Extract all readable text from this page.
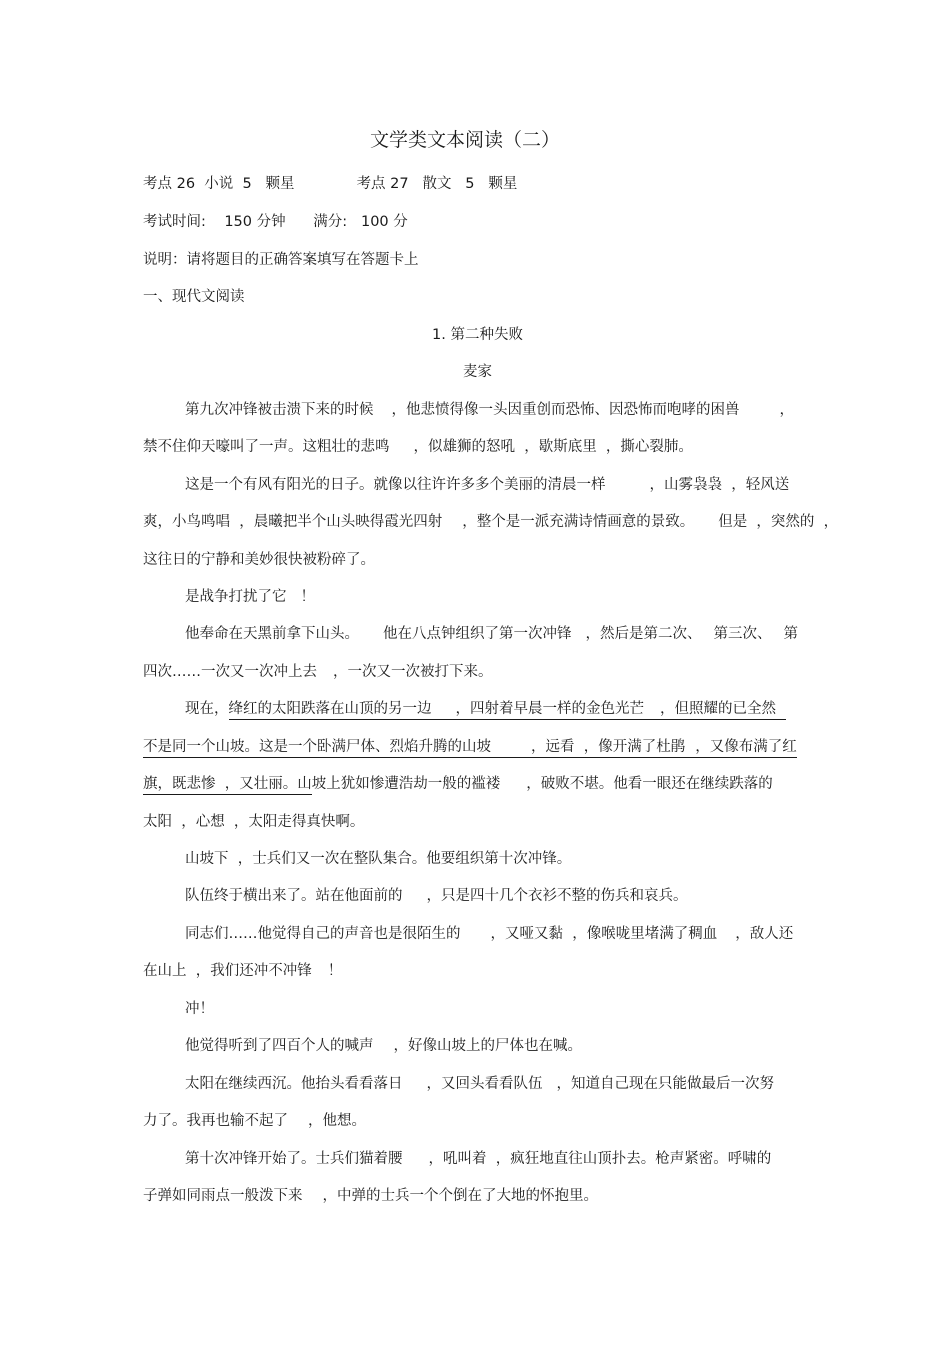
文学类文本阅读（二）
考点 26  小说  5   颗星	考点 27   散文   5   颗星
考试时间:    150 分钟      满分:   100 分
说明：请将题目的正确答案填写在答题卡上
一、现代文阅读
1. 第二种失败
麦家
第九次冲锋被击溃下来的时候 ，他悲愤得像一头因重创而恐怖、因恐怖而咆哮的困兽	，
禁不住仰天嚎叫了一声。这粗壮的悲鸣 ，似雄狮的怒吼  ，歇斯底里  ，撕心裂肺。
这是一个有风有阳光的日子。就像以往许许多多个美丽的清晨一样	，山雾袅袅  ，轻风送
爽，小鸟鸣唱  ，晨曦把半个山头映得霞光四射 ，整个是一派充满诗情画意的景致。 但是  ，突然的  ，
这往日的宁静和美妙很快被粉碎了。
是战争打扰了它 ！
他奉命在天黑前拿下山头。 他在八点钟组织了第一次冲锋 ，然后是第二次、 第三次、 第
四次……一次又一次冲上去 ，一次又一次被打下来。
现在，绛红的太阳跌落在山顶的另一边 ，四射着早晨一样的金色光芒 ，但照耀的已全然
不是同一个山坡。这是一个卧满尸体、烈焰升腾的山坡	，远看  ，像开满了杜鹃 ，又像布满了红
旗，既悲惨  ，又壮丽。山坡上犹如惨遭浩劫一般的褴褛 ，破败不堪。他看一眼还在继续跌落的
太阳  ，心想  ，太阳走得真快啊。
山坡下  ，士兵们又一次在整队集合。他要组织第十次冲锋。
队伍终于横出来了。站在他面前的 ，只是四十几个衣衫不整的伤兵和哀兵。
同志们……他觉得自己的声音也是很陌生的 ，又哑又黏  ，像喉咙里堵满了稠血 ，敌人还
在山上  ，我们还冲不冲锋 ！
冲！
他觉得听到了四百个人的喊声 ，好像山坡上的尸体也在喊。
太阳在继续西沉。他抬头看看落日 ，又回头看看队伍 ，知道自己现在只能做最后一次努
力了。我再也输不起了 ，他想。
第十次冲锋开始了。士兵们猫着腰 ，吼叫着  ，疯狂地直往山顶扑去。枪声紧密。呼啸的
子弹如同雨点一般泼下来 ，中弹的士兵一个个倒在了大地的怀抱里。
